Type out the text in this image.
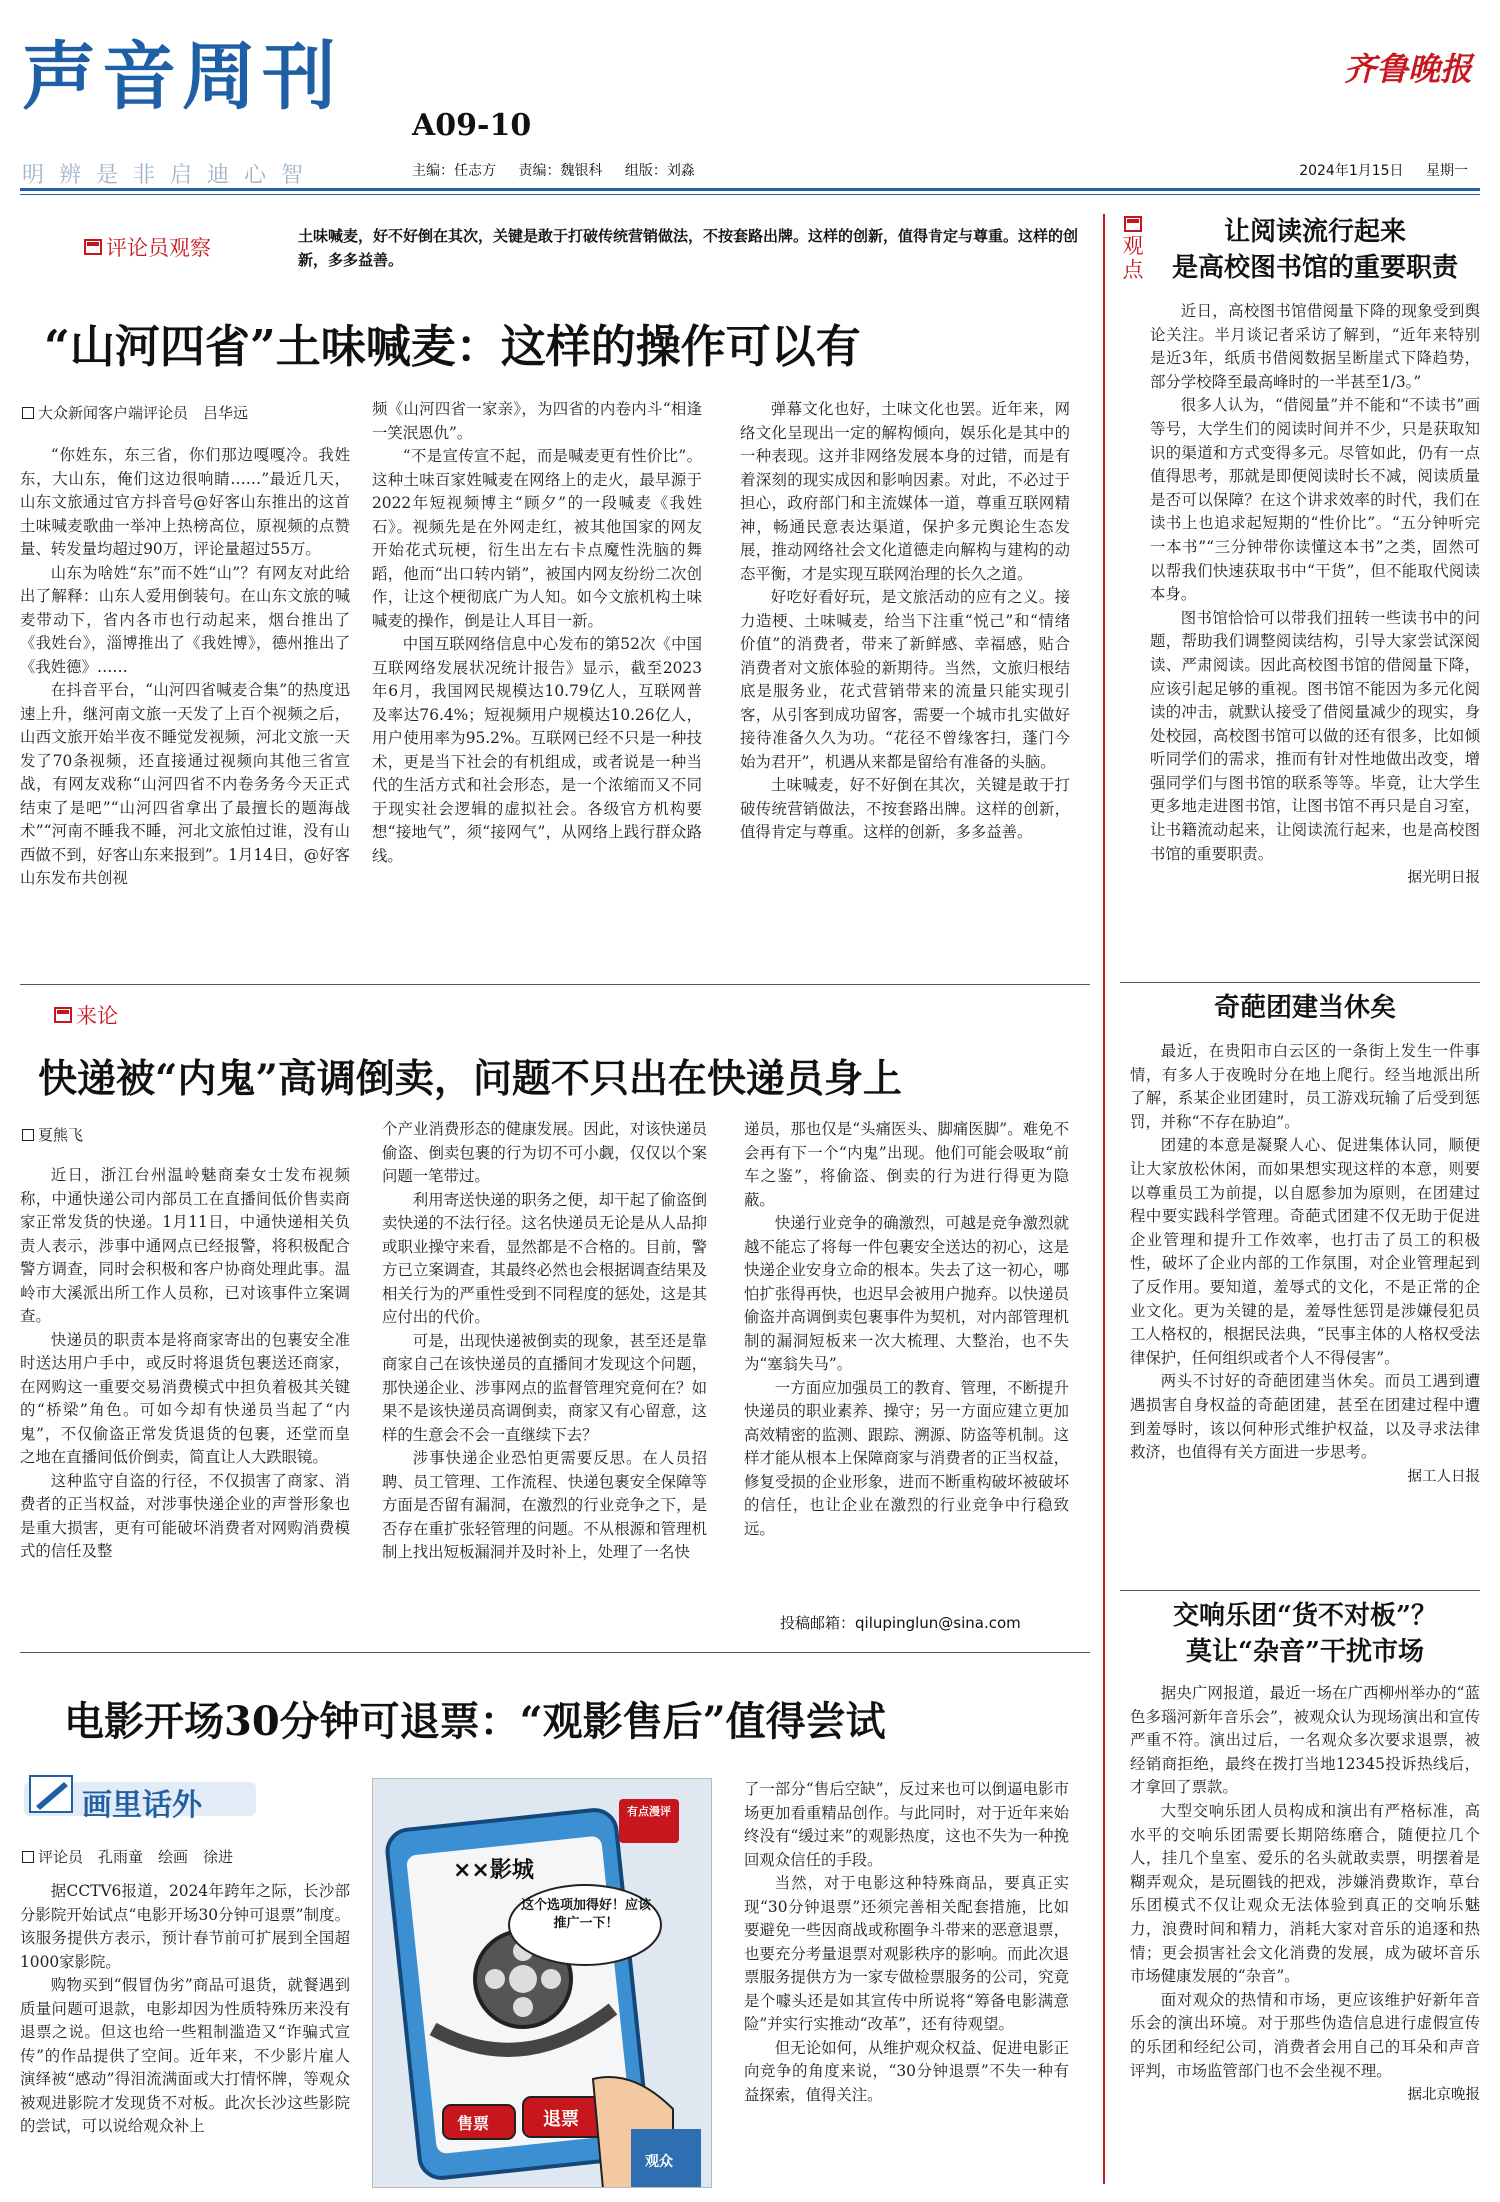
声音周刊
A09-10
明辨是非启迪心智	主编：任志方 责编：魏银科 组版：刘淼
齐鲁晚报
2024年1月15日 星期一
评论员观察	土味喊麦，好不好倒在其次，关键是敢于打破传统营销做法，不按套路出牌。这样的创新，值得肯定与尊重。这样的创新，多多益善。
“山河四省”土味喊麦：这样的操作可以有
大众新闻客户端评论员　吕华远

“你姓东，东三省，你们那边嘎嘎冷。我姓东，大山东，俺们这边很响睛……”最近几天，山东文旅通过官方抖音号@好客山东推出的这首土味喊麦歌曲一举冲上热榜高位，原视频的点赞量、转发量均超过90万，评论量超过55万。

山东为啥姓“东”而不姓“山”？有网友对此给出了解释：山东人爱用倒装句。在山东文旅的喊麦带动下，省内各市也行动起来，烟台推出了《我姓台》，淄博推出了《我姓博》，德州推出了《我姓德》……

在抖音平台，“山河四省喊麦合集”的热度迅速上升，继河南文旅一天发了上百个视频之后，山西文旅开始半夜不睡觉发视频，河北文旅一天发了70条视频，还直接通过视频向其他三省宣战，有网友戏称“山河四省不内卷务务今天正式结束了是吧”“山河四省拿出了最擅长的题海战术”“河南不睡我不睡，河北文旅怕过谁，没有山西做不到，好客山东来报到”。1月14日，@好客山东发布共创视

频《山河四省一家亲》，为四省的内卷内斗“相逢一笑泯恩仇”。

“不是宣传宣不起，而是喊麦更有性价比”。这种土味百家姓喊麦在网络上的走火，最早源于2022年短视频博主“顾夕”的一段喊麦《我姓石》。视频先是在外网走红，被其他国家的网友开始花式玩梗，衍生出左右卡点魔性洗脑的舞蹈，他而“出口转内销”，被国内网友纷纷二次创作，让这个梗彻底广为人知。如今文旅机构土味喊麦的操作，倒是让人耳目一新。

中国互联网络信息中心发布的第52次《中国互联网络发展状况统计报告》显示，截至2023年6月，我国网民规模达10.79亿人，互联网普及率达76.4%；短视频用户规模达10.26亿人，用户使用率为95.2%。互联网已经不只是一种技术，更是当下社会的有机组成，或者说是一种当代的生活方式和社会形态，是一个浓缩而又不同于现实社会逻辑的虚拟社会。各级官方机构要想“接地气”，须“接网气”，从网络上践行群众路线。

弹幕文化也好，土味文化也罢。近年来，网络文化呈现出一定的解构倾向，娱乐化是其中的一种表现。这并非网络发展本身的过错，而是有着深刻的现实成因和影响因素。对此，不必过于担心，政府部门和主流媒体一道，尊重互联网精神，畅通民意表达渠道，保护多元舆论生态发展，推动网络社会文化道德走向解构与建构的动态平衡，才是实现互联网治理的长久之道。

好吃好看好玩，是文旅活动的应有之义。接力造梗、土味喊麦，给当下注重“悦己”和“情绪价值”的消费者，带来了新鲜感、幸福感，贴合消费者对文旅体验的新期待。当然，文旅归根结底是服务业，花式营销带来的流量只能实现引客，从引客到成功留客，需要一个城市扎实做好接待准备久久为功。“花径不曾缘客扫，蓬门今始为君开”，机遇从来都是留给有准备的头脑。

土味喊麦，好不好倒在其次，关键是敢于打破传统营销做法，不按套路出牌。这样的创新，值得肯定与尊重。这样的创新，多多益善。

来论
快递被“内鬼”高调倒卖，问题不只出在快递员身上
夏熊飞

近日，浙江台州温岭魅商秦女士发布视频称，中通快递公司内部员工在直播间低价售卖商家正常发货的快递。1月11日，中通快递相关负责人表示，涉事中通网点已经报警，将积极配合警方调查，同时会积极和客户协商处理此事。温岭市大溪派出所工作人员称，已对该事件立案调查。

快递员的职责本是将商家寄出的包裹安全准时送达用户手中，或反时将退货包裹送还商家，在网购这一重要交易消费模式中担负着极其关键的“桥梁”角色。可如今却有快递员当起了“内鬼”，不仅偷盗正常发货退货的包裹，还堂而皇之地在直播间低价倒卖，简直让人大跌眼镜。

这种监守自盗的行径，不仅损害了商家、消费者的正当权益，对涉事快递企业的声誉形象也是重大损害，更有可能破坏消费者对网购消费模式的信任及整

个产业消费形态的健康发展。因此，对该快递员偷盗、倒卖包裹的行为切不可小觑，仅仅以个案问题一笔带过。

利用寄送快递的职务之便，却干起了偷盗倒卖快递的不法行径。这名快递员无论是从人品抑或职业操守来看，显然都是不合格的。目前，警方已立案调查，其最终必然也会根据调查结果及相关行为的严重性受到不同程度的惩处，这是其应付出的代价。

可是，出现快递被倒卖的现象，甚至还是靠商家自己在该快递员的直播间才发现这个问题，那快递企业、涉事网点的监督管理究竟何在？如果不是该快递员高调倒卖，商家又有心留意，这样的生意会不会一直继续下去？

涉事快递企业恐怕更需要反思。在人员招聘、员工管理、工作流程、快递包裹安全保障等方面是否留有漏洞，在激烈的行业竞争之下，是否存在重扩张轻管理的问题。不从根源和管理机制上找出短板漏洞并及时补上，处理了一名快

递员，那也仅是“头痛医头、脚痛医脚”。难免不会再有下一个“内鬼”出现。他们可能会吸取“前车之鉴”，将偷盗、倒卖的行为进行得更为隐蔽。

快递行业竞争的确激烈，可越是竞争激烈就越不能忘了将每一件包裹安全送达的初心，这是快递企业安身立命的根本。失去了这一初心，哪怕扩张得再快，也迟早会被用户抛弃。以快递员偷盗并高调倒卖包裹事件为契机，对内部管理机制的漏洞短板来一次大梳理、大整治，也不失为“塞翁失马”。

一方面应加强员工的教育、管理，不断提升快递员的职业素养、操守；另一方面应建立更加高效精密的监测、跟踪、溯源、防盗等机制。这样才能从根本上保障商家与消费者的正当权益，修复受损的企业形象，进而不断重构破坏被破坏的信任，也让企业在激烈的行业竞争中行稳致远。

投稿邮箱：qilupinglun@sina.com
电影开场30分钟可退票：“观影售后”值得尝试
画里话外
评论员　孔雨童　绘画　徐进

据CCTV6报道，2024年跨年之际，长沙部分影院开始试点“电影开场30分钟可退票”制度。该服务提供方表示，预计春节前可扩展到全国超1000家影院。

购物买到“假冒伪劣”商品可退货，就餐遇到质量问题可退款，电影却因为性质特殊历来没有退票之说。但这也给一些粗制滥造又“诈骗式宣传”的作品提供了空间。近年来，不少影片雇人演绎被“感动”得泪流满面或大打情怀牌，等观众被观进影院才发现货不对板。此次长沙这些影院的尝试，可以说给观众补上

有点漫评
××影城
这个选项加得好！应该推广一下！
售票	退票
观众

了一部分“售后空缺”，反过来也可以倒逼电影市场更加看重精品创作。与此同时，对于近年来始终没有“缓过来”的观影热度，这也不失为一种挽回观众信任的手段。

当然，对于电影这种特殊商品，要真正实现“30分钟退票”还须完善相关配套措施，比如要避免一些因商战或称圈争斗带来的恶意退票，也要充分考量退票对观影秩序的影响。而此次退票服务提供方为一家专做检票服务的公司，究竟是个噱头还是如其宣传中所说将“筹备电影满意险”并实行实推动“改革”，还有待观望。

但无论如何，从维护观众权益、促进电影正向竞争的角度来说，“30分钟退票”不失一种有益探索，值得关注。

观点
让阅读流行起来
是高校图书馆的重要职责

近日，高校图书馆借阅量下降的现象受到舆论关注。半月谈记者采访了解到，“近年来特别是近3年，纸质书借阅数据呈断崖式下降趋势，部分学校降至最高峰时的一半甚至1/3。”

很多人认为，“借阅量”并不能和“不读书”画等号，大学生们的阅读时间并不少，只是获取知识的渠道和方式变得多元。尽管如此，仍有一点值得思考，那就是即便阅读时长不减，阅读质量是否可以保障？在这个讲求效率的时代，我们在读书上也追求起短期的“性价比”。“五分钟听完一本书”“三分钟带你读懂这本书”之类，固然可以帮我们快速获取书中“干货”，但不能取代阅读本身。

图书馆恰恰可以带我们扭转一些读书中的问题，帮助我们调整阅读结构，引导大家尝试深阅读、严肃阅读。因此高校图书馆的借阅量下降，应该引起足够的重视。图书馆不能因为多元化阅读的冲击，就默认接受了借阅量减少的现实，身处校园，高校图书馆可以做的还有很多，比如倾听同学们的需求，推而有针对性地做出改变，增强同学们与图书馆的联系等等。毕竟，让大学生更多地走进图书馆，让图书馆不再只是自习室，让书籍流动起来，让阅读流行起来，也是高校图书馆的重要职责。

据光明日报
奇葩团建当休矣

最近，在贵阳市白云区的一条街上发生一件事情，有多人于夜晚时分在地上爬行。经当地派出所了解，系某企业团建时，员工游戏玩输了后受到惩罚，并称“不存在胁迫”。

团建的本意是凝聚人心、促进集体认同，顺便让大家放松休闲，而如果想实现这样的本意，则要以尊重员工为前提，以自愿参加为原则，在团建过程中要实践科学管理。奇葩式团建不仅无助于促进企业管理和提升工作效率，也打击了员工的积极性，破坏了企业内部的工作氛围，对企业管理起到了反作用。要知道，羞辱式的文化，不是正常的企业文化。更为关键的是，羞辱性惩罚是涉嫌侵犯员工人格权的，根据民法典，“民事主体的人格权受法律保护，任何组织或者个人不得侵害”。

两头不讨好的奇葩团建当休矣。而员工遇到遭遇损害自身权益的奇葩团建，甚至在团建过程中遭到羞辱时，该以何种形式维护权益，以及寻求法律救济，也值得有关方面进一步思考。

据工人日报
交响乐团“货不对板”？
莫让“杂音”干扰市场

据央广网报道，最近一场在广西柳州举办的“蓝色多瑙河新年音乐会”，被观众认为现场演出和宣传严重不符。演出过后，一名观众多次要求退票，被经销商拒绝，最终在拨打当地12345投诉热线后，才拿回了票款。

大型交响乐团人员构成和演出有严格标准，高水平的交响乐团需要长期陪练磨合，随便拉几个人，挂几个皇室、爱乐的名头就敢卖票，明摆着是糊弄观众，是玩圈钱的把戏，涉嫌消费欺诈，草台乐团模式不仅让观众无法体验到真正的交响乐魅力，浪费时间和精力，消耗大家对音乐的追逐和热情；更会损害社会文化消费的发展，成为破坏音乐市场健康发展的“杂音”。

面对观众的热情和市场，更应该维护好新年音乐会的演出环境。对于那些伪造信息进行虚假宣传的乐团和经纪公司，消费者会用自己的耳朵和声音评判，市场监管部门也不会坐视不理。

据北京晚报
